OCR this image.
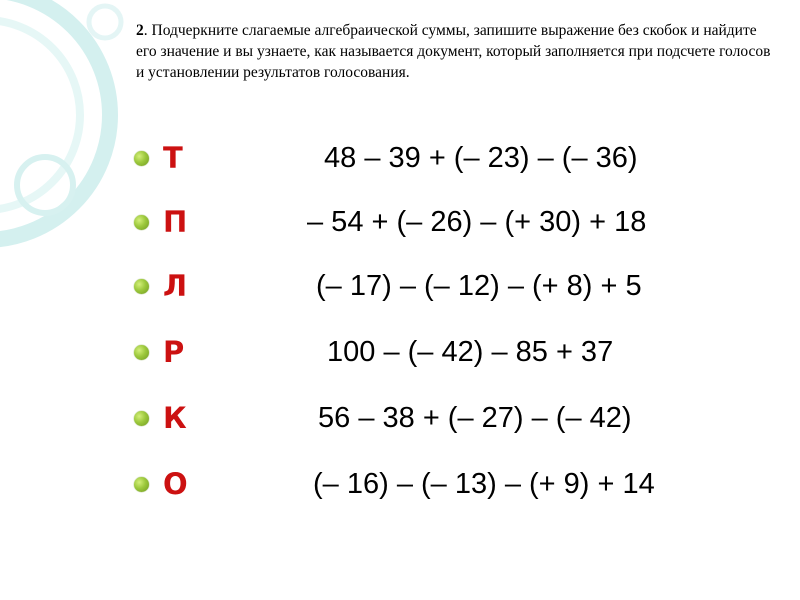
2. Подчеркните слагаемые алгебраической суммы, запишите выражение без скобок и найдите его значение и вы узнаете, как называется документ, который заполняется при подсчете голосов и установлении результатов голосования.

Т	48 – 39 + (– 23) – (– 36)
П	– 54 + (– 26) – (+ 30) + 18
Л	(– 17) – (– 12) – (+ 8) + 5
Р	100 – (– 42) – 85 + 37
К	56 – 38 + (– 27) – (– 42)
О	(– 16) – (– 13) – (+ 9) + 14
